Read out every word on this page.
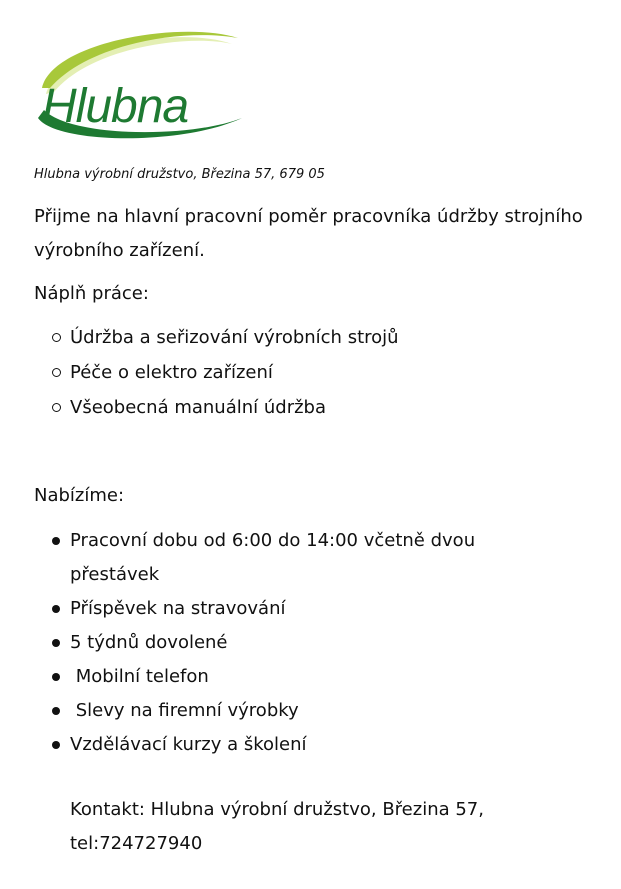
Hlubna
Hlubna výrobní družstvo, Březina 57, 679 05

Přijme na hlavní pracovní poměr pracovníka údržby strojního výrobního zařízení.

Náplň práce:

Údržba a seřizování výrobních strojů
Péče o elektro zařízení
Všeobecná manuální údržba

Nabízíme:

Pracovní dobu od 6:00 do 14:00 včetně dvou přestávek
Příspěvek na stravování
5 týdnů dovolené
Mobilní telefon
Slevy na firemní výrobky
Vzdělávací kurzy a školení

Kontakt: Hlubna výrobní družstvo, Březina 57, tel:724727940
